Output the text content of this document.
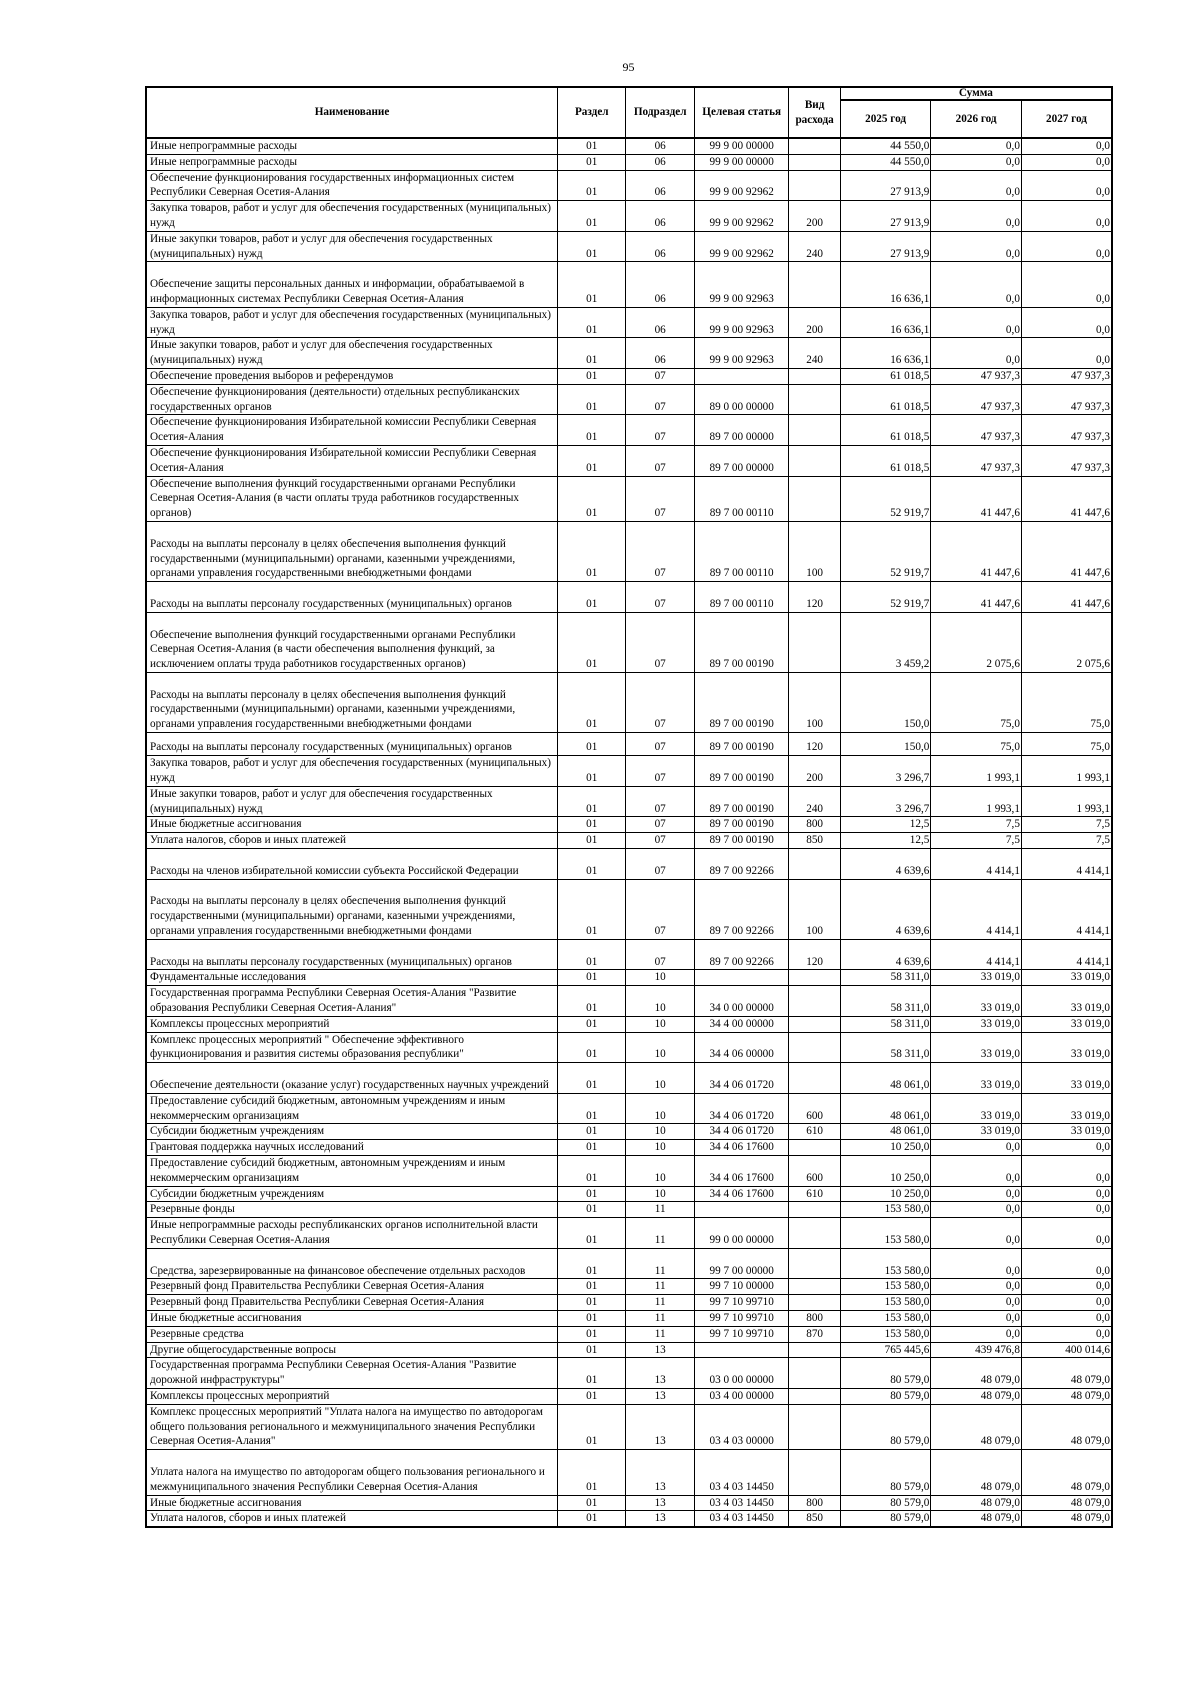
95
Наименование	Раздел	Подраздел	Целевая статья	Вид расхода	Сумма		
					2025 год	2026 год	2027 год
Иные непрограммные расходы	01	06	99 9 00 00000		44 550,0	0,0	0,0
Иные непрограммные расходы	01	06	99 9 00 00000		44 550,0	0,0	0,0
Обеспечение функционирования государственных информационных систем Республики Северная Осетия-Алания	01	06	99 9 00 92962		27 913,9	0,0	0,0
Закупка товаров, работ и услуг для обеспечения государственных (муниципальных) нужд	01	06	99 9 00 92962	200	27 913,9	0,0	0,0
Иные закупки товаров, работ и услуг для обеспечения государственных (муниципальных) нужд	01	06	99 9 00 92962	240	27 913,9	0,0	0,0
Обеспечение защиты персональных данных и информации, обрабатываемой в информационных системах Республики Северная Осетия-Алания	01	06	99 9 00 92963		16 636,1	0,0	0,0
Закупка товаров, работ и услуг для обеспечения государственных (муниципальных) нужд	01	06	99 9 00 92963	200	16 636,1	0,0	0,0
Иные закупки товаров, работ и услуг для обеспечения государственных (муниципальных) нужд	01	06	99 9 00 92963	240	16 636,1	0,0	0,0
Обеспечение проведения выборов и референдумов	01	07			61 018,5	47 937,3	47 937,3
Обеспечение функционирования (деятельности) отдельных республиканских государственных органов	01	07	89 0 00 00000		61 018,5	47 937,3	47 937,3
Обеспечение функционирования Избирательной комиссии Республики Северная Осетия-Алания	01	07	89 7 00 00000		61 018,5	47 937,3	47 937,3
Обеспечение функционирования Избирательной комиссии Республики Северная Осетия-Алания	01	07	89 7 00 00000		61 018,5	47 937,3	47 937,3
Обеспечение выполнения функций государственными органами Республики Северная Осетия-Алания (в части оплаты труда работников государственных органов)	01	07	89 7 00 00110		52 919,7	41 447,6	41 447,6
Расходы на выплаты персоналу в целях обеспечения выполнения функций государственными (муниципальными) органами, казенными учреждениями, органами управления государственными внебюджетными фондами	01	07	89 7 00 00110	100	52 919,7	41 447,6	41 447,6
Расходы на выплаты персоналу государственных (муниципальных) органов	01	07	89 7 00 00110	120	52 919,7	41 447,6	41 447,6
Обеспечение выполнения функций государственными органами Республики Северная Осетия-Алания (в части обеспечения выполнения функций, за исключением оплаты труда работников государственных органов)	01	07	89 7 00 00190		3 459,2	2 075,6	2 075,6
Расходы на выплаты персоналу в целях обеспечения выполнения функций государственными (муниципальными) органами, казенными учреждениями, органами управления государственными внебюджетными фондами	01	07	89 7 00 00190	100	150,0	75,0	75,0
Расходы на выплаты персоналу государственных (муниципальных) органов	01	07	89 7 00 00190	120	150,0	75,0	75,0
Закупка товаров, работ и услуг для обеспечения государственных (муниципальных) нужд	01	07	89 7 00 00190	200	3 296,7	1 993,1	1 993,1
Иные закупки товаров, работ и услуг для обеспечения государственных (муниципальных) нужд	01	07	89 7 00 00190	240	3 296,7	1 993,1	1 993,1
Иные бюджетные ассигнования	01	07	89 7 00 00190	800	12,5	7,5	7,5
Уплата налогов, сборов и иных платежей	01	07	89 7 00 00190	850	12,5	7,5	7,5
Расходы на членов избирательной комиссии субъекта Российской Федерации	01	07	89 7 00 92266		4 639,6	4 414,1	4 414,1
Расходы на выплаты персоналу в целях обеспечения выполнения функций государственными (муниципальными) органами, казенными учреждениями, органами управления государственными внебюджетными фондами	01	07	89 7 00 92266	100	4 639,6	4 414,1	4 414,1
Расходы на выплаты персоналу государственных (муниципальных) органов	01	07	89 7 00 92266	120	4 639,6	4 414,1	4 414,1
Фундаментальные исследования	01	10			58 311,0	33 019,0	33 019,0
Государственная программа Республики Северная Осетия-Алания "Развитие образования Республики Северная Осетия-Алания"	01	10	34 0 00 00000		58 311,0	33 019,0	33 019,0
Комплексы процессных мероприятий	01	10	34 4 00 00000		58 311,0	33 019,0	33 019,0
Комплекс процессных мероприятий " Обеспечение эффективного функционирования и развития системы образования республики"	01	10	34 4 06 00000		58 311,0	33 019,0	33 019,0
Обеспечение деятельности (оказание услуг) государственных научных учреждений	01	10	34 4 06 01720		48 061,0	33 019,0	33 019,0
Предоставление субсидий бюджетным, автономным учреждениям и иным некоммерческим организациям	01	10	34 4 06 01720	600	48 061,0	33 019,0	33 019,0
Субсидии бюджетным учреждениям	01	10	34 4 06 01720	610	48 061,0	33 019,0	33 019,0
Грантовая поддержка научных исследований	01	10	34 4 06 17600		10 250,0	0,0	0,0
Предоставление субсидий бюджетным, автономным учреждениям и иным некоммерческим организациям	01	10	34 4 06 17600	600	10 250,0	0,0	0,0
Субсидии бюджетным учреждениям	01	10	34 4 06 17600	610	10 250,0	0,0	0,0
Резервные фонды	01	11			153 580,0	0,0	0,0
Иные непрограммные расходы республиканских органов исполнительной власти Республики Северная Осетия-Алания	01	11	99 0 00 00000		153 580,0	0,0	0,0
Средства, зарезервированные на финансовое обеспечение отдельных расходов	01	11	99 7 00 00000		153 580,0	0,0	0,0
Резервный фонд Правительства Республики Северная Осетия-Алания	01	11	99 7 10 00000		153 580,0	0,0	0,0
Резервный фонд Правительства Республики Северная Осетия-Алания	01	11	99 7 10 99710		153 580,0	0,0	0,0
Иные бюджетные ассигнования	01	11	99 7 10 99710	800	153 580,0	0,0	0,0
Резервные средства	01	11	99 7 10 99710	870	153 580,0	0,0	0,0
Другие общегосударственные вопросы	01	13			765 445,6	439 476,8	400 014,6
Государственная программа Республики Северная Осетия-Алания "Развитие дорожной инфраструктуры"	01	13	03 0 00 00000		80 579,0	48 079,0	48 079,0
Комплексы процессных мероприятий	01	13	03 4 00 00000		80 579,0	48 079,0	48 079,0
Комплекс процессных мероприятий "Уплата налога на имущество по автодорогам общего пользования регионального и межмуниципального значения Республики Северная Осетия-Алания"	01	13	03 4 03 00000		80 579,0	48 079,0	48 079,0
Уплата налога на имущество по автодорогам общего пользования регионального и межмуниципального значения Республики Северная Осетия-Алания	01	13	03 4 03 14450		80 579,0	48 079,0	48 079,0
Иные бюджетные ассигнования	01	13	03 4 03 14450	800	80 579,0	48 079,0	48 079,0
Уплата налогов, сборов и иных платежей	01	13	03 4 03 14450	850	80 579,0	48 079,0	48 079,0
